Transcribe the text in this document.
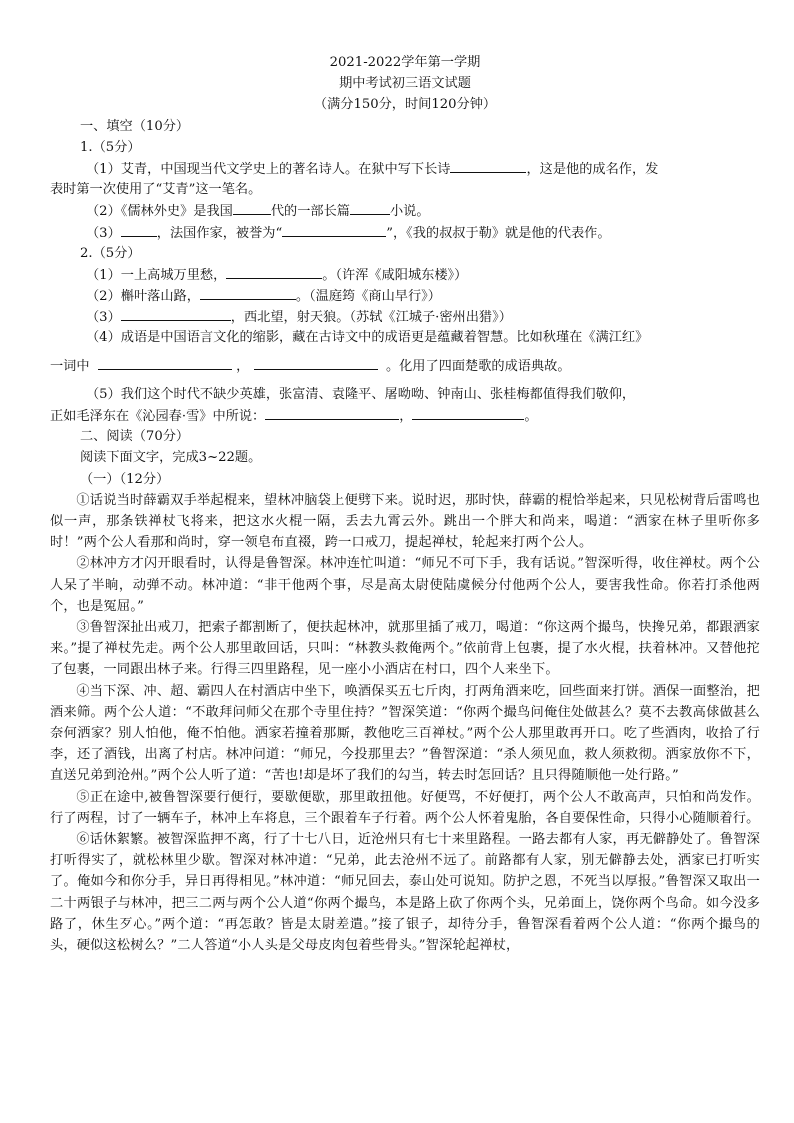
2021-2022学年第一学期
期中考试初三语文试题
（满分150分，时间120分钟）
一、填空（10分）
1.（5分）
（1）艾青，中国现当代文学史上的著名诗人。在狱中写下长诗	，这是他的成名作，发
表时第一次使用了“艾青”这一笔名。
（2）《儒林外史》是我国	代的一部长篇	小说。
（3）	，法国作家，被誉为“	”，《我的叔叔于勒》就是他的代表作。
2.（5分）
（1）一上高城万里愁，	。（许浑《咸阳城东楼》）
（2）槲叶落山路，	。（温庭筠《商山早行》）
（3）	，西北望，射天狼。（苏轼《江城子·密州出猎》）
（4）成语是中国语言文化的缩影，藏在古诗文中的成语更是蕴藏着智慧。比如秋瑾在《满江红》
一词中	，	。化用了四面楚歌的成语典故。
（5）我们这个时代不缺少英雄，张富清、袁隆平、屠呦呦、钟南山、张桂梅都值得我们敬仰，
正如毛泽东在《沁园春·雪》中所说：	，	。
二、阅读（70分）
阅读下面文字，完成3~22题。
（一）（12分）

①话说当时薛霸双手举起棍来，望林冲脑袋上便劈下来。说时迟，那时快，薛霸的棍恰举起来，只见松树背后雷鸣也似一声，那条铁禅杖飞将来，把这水火棍一隔，丢去九霄云外。跳出一个胖大和尚来，喝道：“洒家在林子里听你多时！”两个公人看那和尚时，穿一领皂布直裰，跨一口戒刀，提起禅杖，轮起来打两个公人。

②林冲方才闪开眼看时，认得是鲁智深。林冲连忙叫道：“师兄不可下手，我有话说。”智深听得，收住禅杖。两个公人呆了半晌，动弹不动。林冲道：“非干他两个事，尽是高太尉使陆虞候分付他两个公人，要害我性命。你若打杀他两个，也是冤屈。”

③鲁智深扯出戒刀，把索子都割断了，便扶起林冲，就那里插了戒刀，喝道：“你这两个撮鸟，快搀兄弟，都跟洒家来。”提了禅杖先走。两个公人那里敢回话，只叫：“林教头救俺两个。”依前背上包裹，提了水火棍，扶着林冲。又替他拕了包裹，一同跟出林子来。行得三四里路程，见一座小小酒店在村口，四个人来坐下。

④当下深、冲、超、霸四人在村酒店中坐下，唤酒保买五七斤肉，打两角酒来吃，回些面来打饼。酒保一面整治，把酒来筛。两个公人道：“不敢拜问师父在那个寺里住持？”智深笑道：“你两个撮鸟问俺住处做甚么？莫不去教高俅做甚么奈何洒家？别人怕他，俺不怕他。洒家若撞着那厮，教他吃三百禅杖。”两个公人那里敢再开口。吃了些酒肉，收拾了行李，还了酒钱，出离了村店。林冲问道：“师兄，今投那里去？”鲁智深道：“杀人须见血，救人须救彻。洒家放你不下，直送兄弟到沧州。”两个公人听了道：“苦也!却是坏了我们的勾当，转去时怎回话？且只得随顺他一处行路。”

⑤正在途中,被鲁智深要行便行，要歇便歇，那里敢扭他。好便骂，不好便打，两个公人不敢高声，只怕和尚发作。行了两程，讨了一辆车子，林冲上车将息，三个跟着车子行着。两个公人怀着鬼胎，各自要保性命，只得小心随顺着行。

⑥话休絮繁。被智深监押不离，行了十七八日，近沧州只有七十来里路程。一路去都有人家，再无僻静处了。鲁智深打听得实了，就松林里少歇。智深对林冲道：“兄弟，此去沧州不远了。前路都有人家，别无僻静去处，洒家已打听实了。俺如今和你分手，异日再得相见。”林冲道：“师兄回去，泰山处可说知。防护之恩，不死当以厚报。”鲁智深又取出一二十两银子与林冲，把三二两与两个公人道“你两个撮鸟，本是路上砍了你两个头，兄弟面上，饶你两个鸟命。如今没多路了，休生歹心。”两个道：“再怎敢？皆是太尉差遣。”接了银子，却待分手，鲁智深看着两个公人道：“你两个撮鸟的头，硬似这松树么？”二人答道“小人头是父母皮肉包着些骨头。”智深轮起禅杖，
